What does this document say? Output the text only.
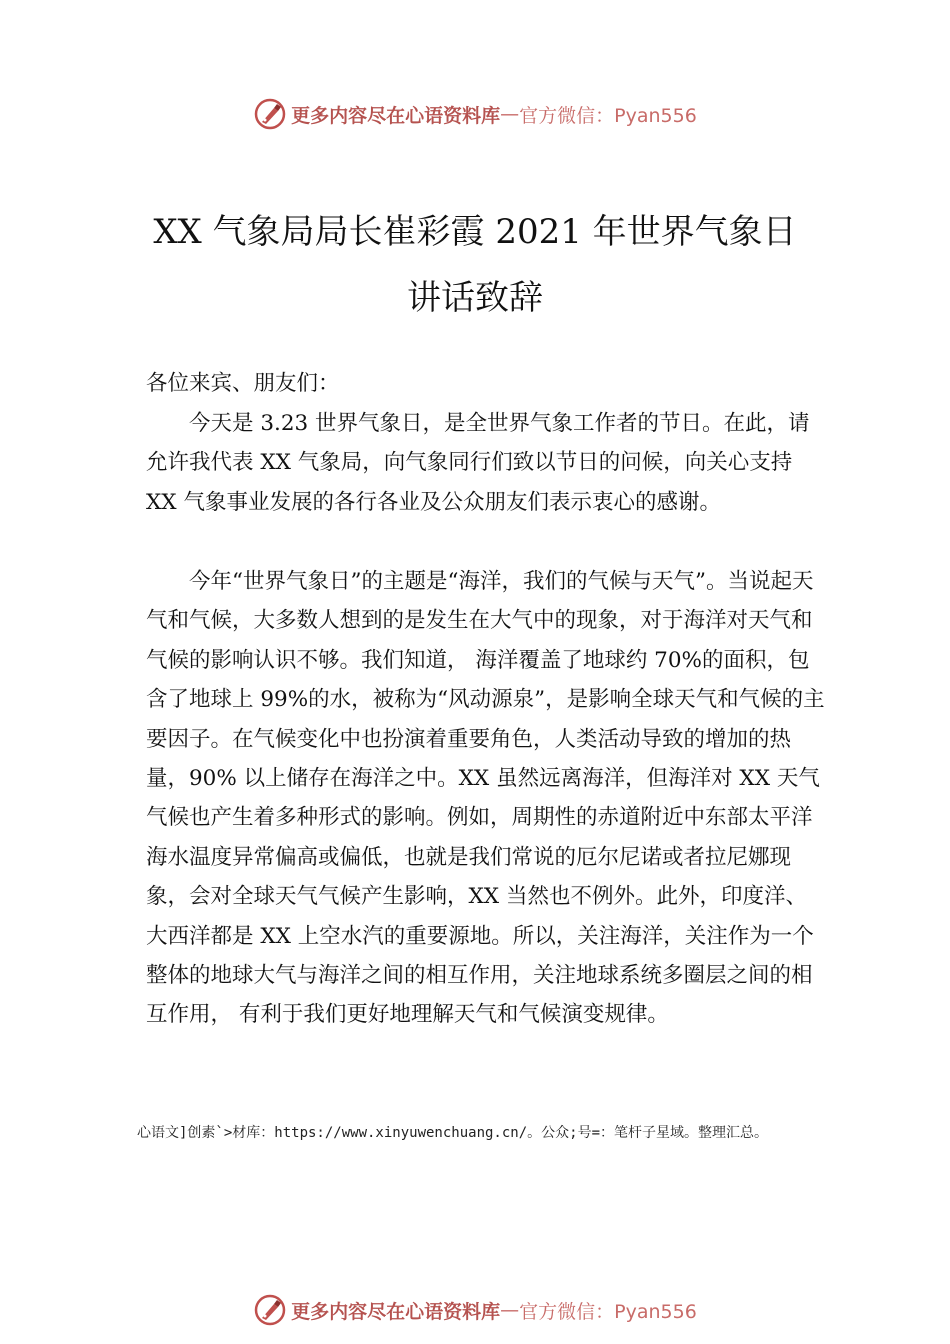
更多内容尽在心语资料库 — 官方微信：Pyan556
XX 气象局局长崔彩霞 2021 年世界气象日
讲话致辞

各位来宾、朋友们：

今天是 3.23 世界气象日，是全世界气象工作者的节日。在此，请允许我代表 XX 气象局，向气象同行们致以节日的问候，向关心支持 XX 气象事业发展的各行各业及公众朋友们表示衷心的感谢。

今年“世界气象日”的主题是“海洋，我们的气候与天气”。当说起天气和气候，大多数人想到的是发生在大气中的现象，对于海洋对天气和气候的影响认识不够。我们知道， 海洋覆盖了地球约 70%的面积，包含了地球上 99%的水，被称为“风动源泉”，是影响全球天气和气候的主要因子。在气候变化中也扮演着重要角色，人类活动导致的增加的热量，90% 以上储存在海洋之中。XX 虽然远离海洋，但海洋对 XX 天气气候也产生着多种形式的影响。例如，周期性的赤道附近中东部太平洋海水温度异常偏高或偏低，也就是我们常说的厄尔尼诺或者拉尼娜现象，会对全球天气气候产生影响，XX 当然也不例外。此外，印度洋、大西洋都是 XX 上空水汽的重要源地。所以，关注海洋，关注作为一个整体的地球大气与海洋之间的相互作用，关注地球系统多圈层之间的相互作用， 有利于我们更好地理解天气和气候演变规律。

心语文]创素`>材库：https://www.xinyuwenchuang.cn/。公众;号=：笔杆子星域。整理汇总。
更多内容尽在心语资料库 — 官方微信：Pyan556
